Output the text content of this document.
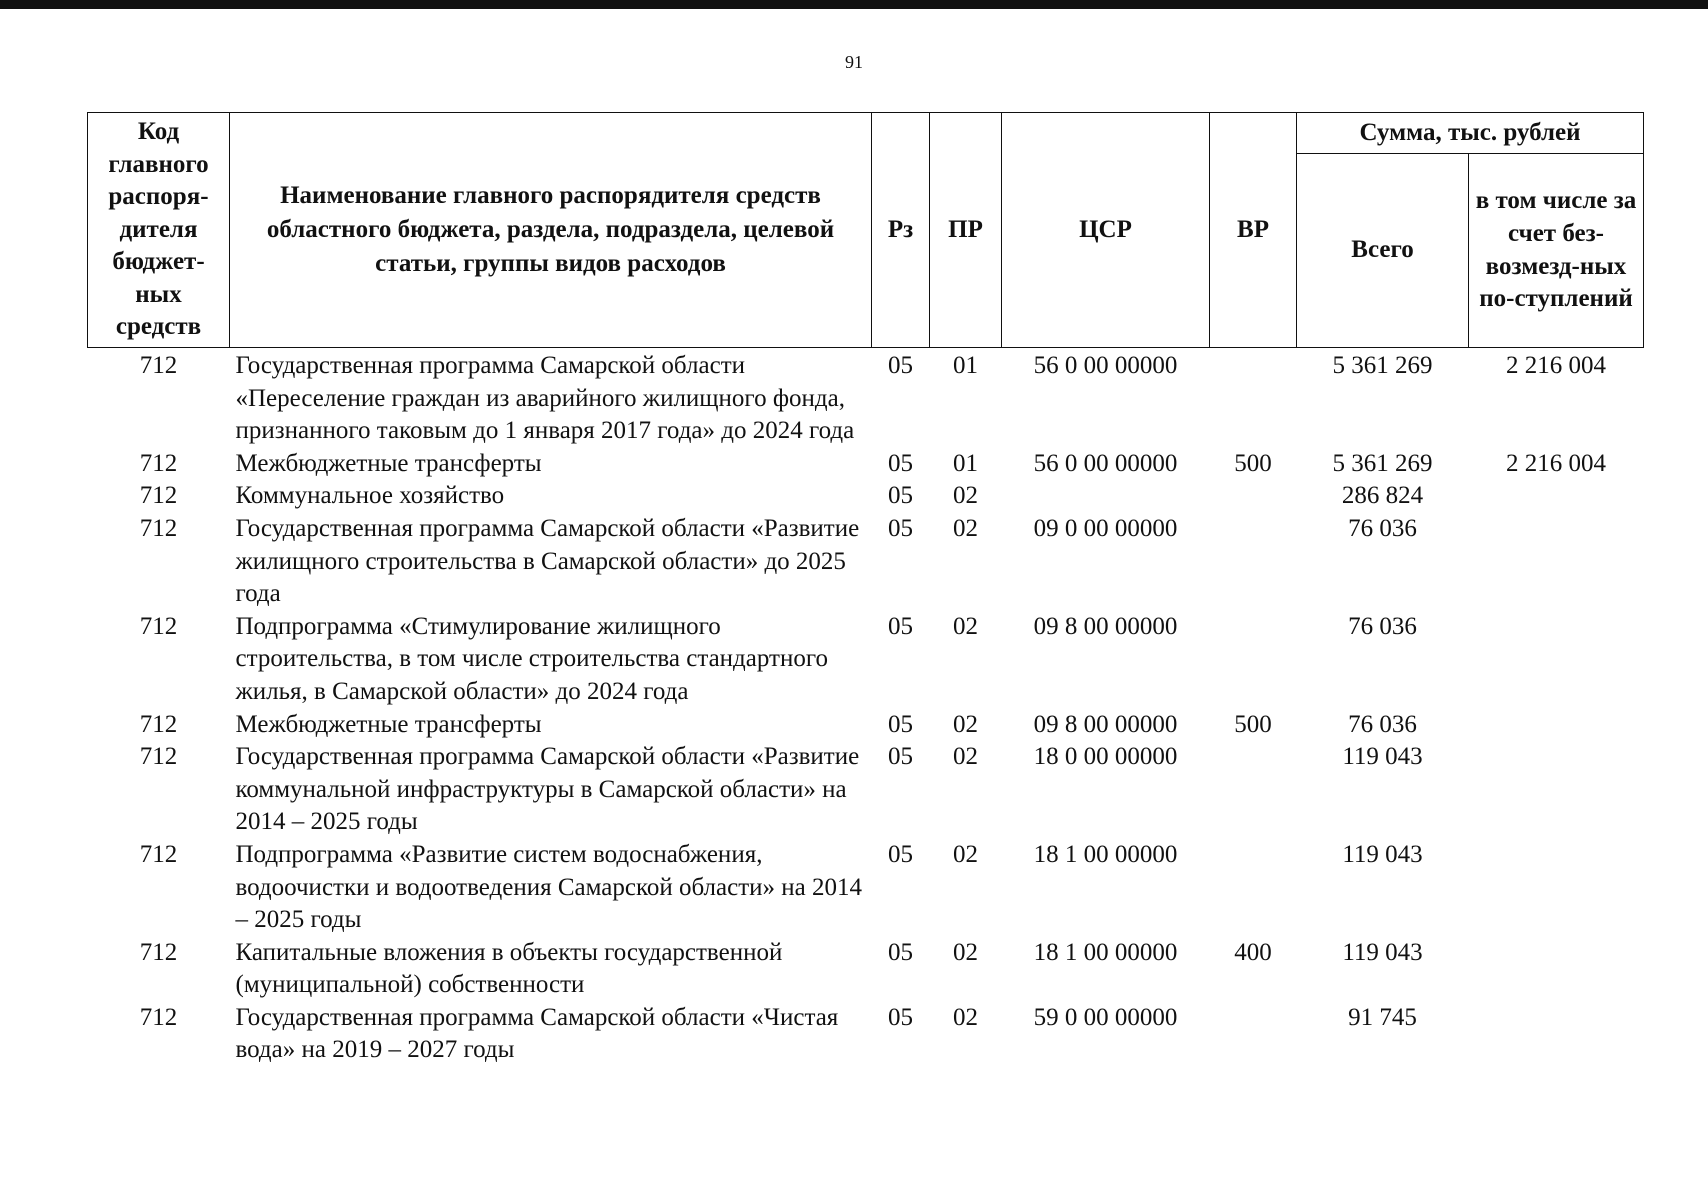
91
Код главного распоря-дителя бюджет-ных средств	Наименование главного распорядителя средств областного бюджета, раздела, подраздела, целевой статьи, группы видов расходов	Рз	ПР	ЦСР	ВР	Сумма, тыс. рублей	
						Всего	в том числе за счет без-возмезд-ных по-ступлений
712	Государственная программа Самарской области «Переселение граждан из аварийного жилищного фонда, признанного таковым до 1 января 2017 года» до 2024 года	05	01	56 0 00 00000		5 361 269	2 216 004
712	Межбюджетные трансферты	05	01	56 0 00 00000	500	5 361 269	2 216 004
712	Коммунальное хозяйство	05	02			286 824	
712	Государственная программа Самарской области «Развитие жилищного строительства в Самарской области» до 2025 года	05	02	09 0 00 00000		76 036	
712	Подпрограмма «Стимулирование жилищного строительства, в том числе строительства стандартного жилья, в Самарской области» до 2024 года	05	02	09 8 00 00000		76 036	
712	Межбюджетные трансферты	05	02	09 8 00 00000	500	76 036	
712	Государственная программа Самарской области «Развитие коммунальной инфраструктуры в Самарской области» на 2014 – 2025 годы	05	02	18 0 00 00000		119 043	
712	Подпрограмма «Развитие систем водоснабжения, водоочистки и водоотведения Самарской области» на 2014 – 2025 годы	05	02	18 1 00 00000		119 043	
712	Капитальные вложения в объекты государственной (муниципальной) собственности	05	02	18 1 00 00000	400	119 043	
712	Государственная программа Самарской области «Чистая вода» на 2019 – 2027 годы	05	02	59 0 00 00000		91 745	
